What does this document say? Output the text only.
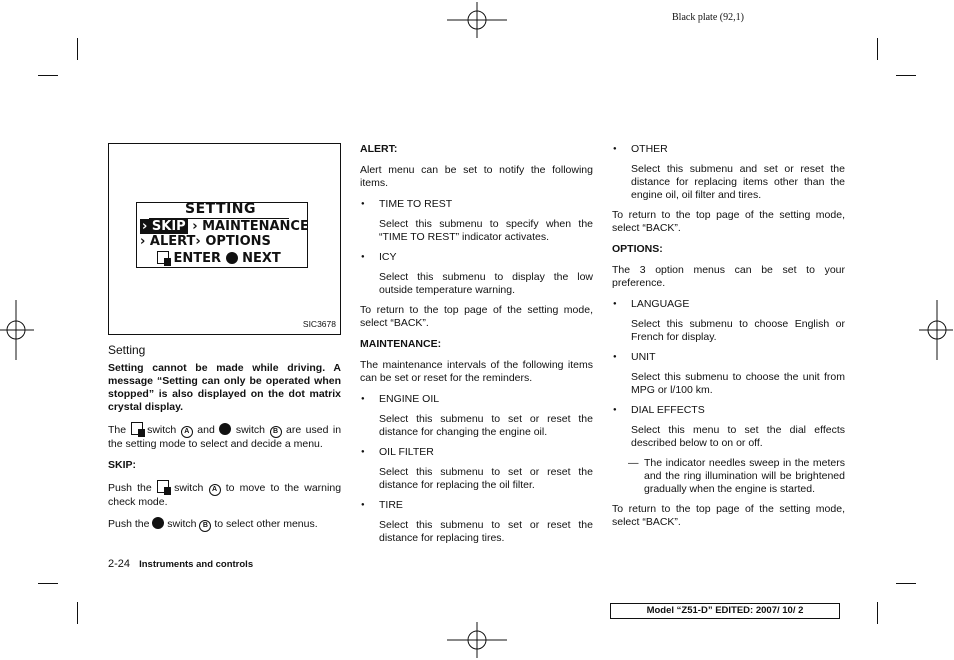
Black plate (92,1)
SETTING
› SKIP › MAINTENANCE
› ALERT› OPTIONS
ENTER NEXT
SIC3678
Setting

Setting cannot be made while driving. A message “Setting can only be operated when stopped” is also displayed on the dot matrix crystal display.

The switch A and switch B are used in the setting mode to select and decide a menu.

SKIP:

Push the switch A to move to the warning check mode.

Push the switch B to select other menus.

ALERT:

Alert menu can be set to notify the following items.

● TIME TO REST
Select this submenu to specify when the “TIME TO REST” indicator activates.
● ICY
Select this submenu to display the low outside temperature warning.

To return to the top page of the setting mode, select “BACK”.

MAINTENANCE:

The maintenance intervals of the following items can be set or reset for the reminders.

● ENGINE OIL
Select this submenu to set or reset the distance for changing the engine oil.
● OIL FILTER
Select this submenu to set or reset the distance for replacing the oil filter.
● TIRE
Select this submenu to set or reset the distance for replacing tires.
● OTHER
Select this submenu and set or reset the distance for replacing items other than the engine oil, oil filter and tires.

To return to the top page of the setting mode, select “BACK”.

OPTIONS:

The 3 option menus can be set to your preference.

● LANGUAGE
Select this submenu to choose English or French for display.
● UNIT
Select this submenu to choose the unit from MPG or l/100 km.
● DIAL EFFECTS
Select this menu to set the dial effects described below to on or off.
— The indicator needles sweep in the meters and the ring illumination will be brightened gradually when the engine is started.

To return to the top page of the setting mode, select “BACK”.

2-24 Instruments and controls
Model “Z51-D” EDITED: 2007/ 10/ 2
